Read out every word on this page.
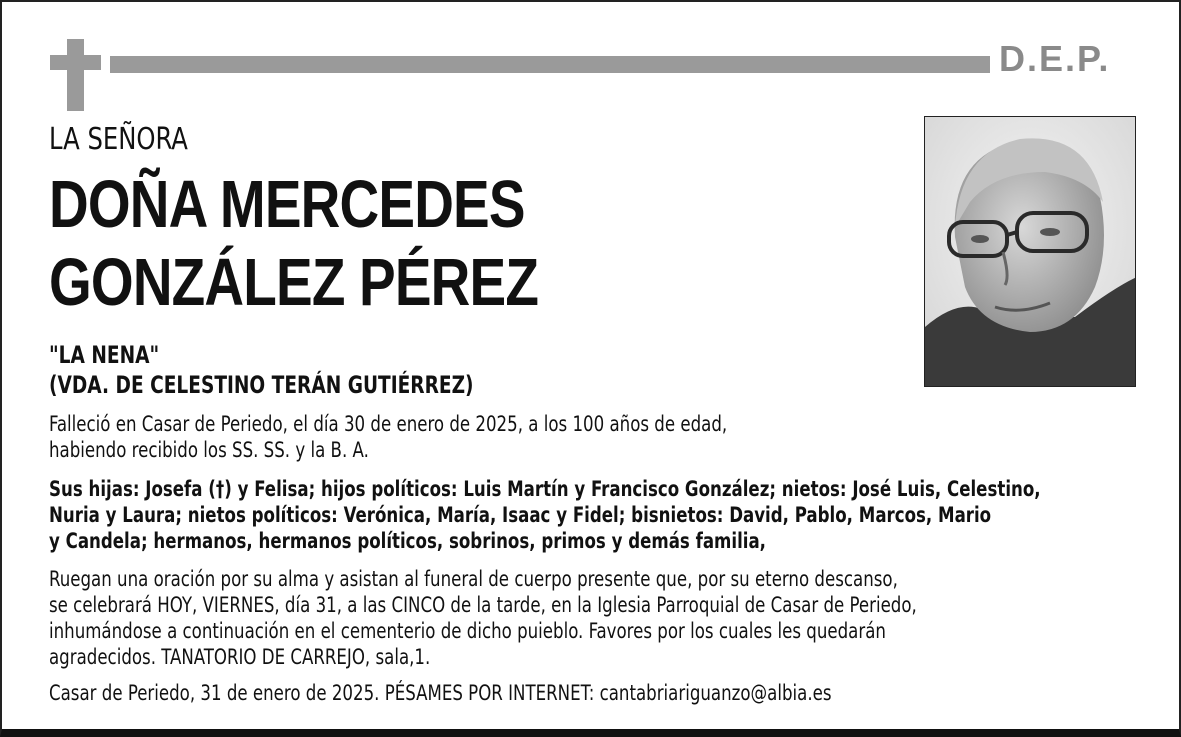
D.E.P.
LA SEÑORA
DOÑA MERCEDES
GONZÁLEZ PÉREZ
"LA NENA"
(VDA. DE CELESTINO TERÁN GUTIÉRREZ)
Falleció en Casar de Periedo, el día 30 de enero de 2025, a los 100 años de edad,
habiendo recibido los SS. SS. y la B. A.
Sus hijas: Josefa (†) y Felisa; hijos políticos: Luis Martín y Francisco González; nietos: José Luis, Celestino,
Nuria y Laura; nietos políticos: Verónica, María, Isaac y Fidel; bisnietos: David, Pablo, Marcos, Mario
y Candela; hermanos, hermanos políticos, sobrinos, primos y demás familia,
Ruegan una oración por su alma y asistan al funeral de cuerpo presente que, por su eterno descanso,
se celebrará HOY, VIERNES, día 31, a las CINCO de la tarde, en la Iglesia Parroquial de Casar de Periedo,
inhumándose a continuación en el cementerio de dicho puieblo. Favores por los cuales les quedarán
agradecidos. TANATORIO DE CARREJO, sala,1.
Casar de Periedo, 31 de enero de 2025. PÉSAMES POR INTERNET: cantabriariguanzo@albia.es
